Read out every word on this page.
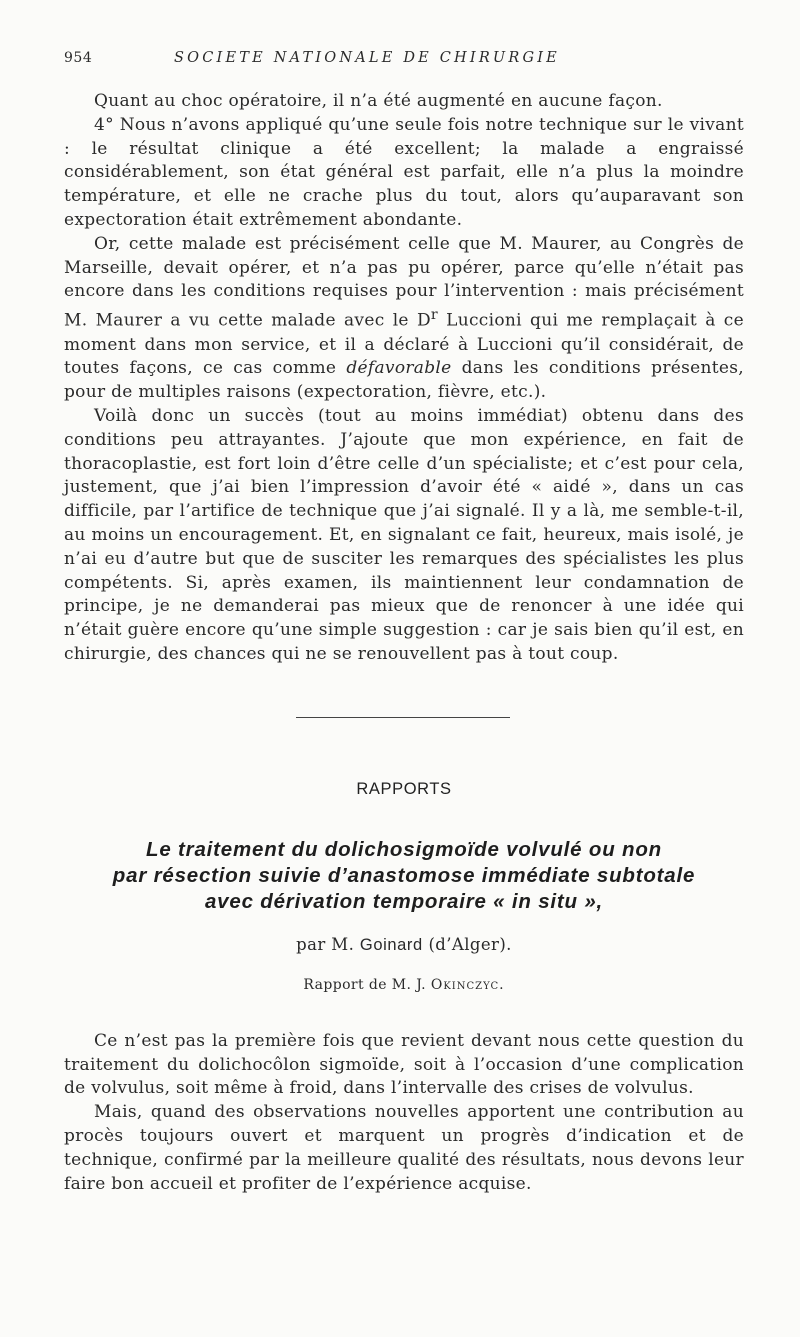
954	SOCIETE NATIONALE DE CHIRURGIE

Quant au choc opératoire, il n’a été augmenté en aucune façon.

4° Nous n’avons appliqué qu’une seule fois notre technique sur le vivant : le résultat clinique a été excellent; la malade a engraissé considérablement, son état général est parfait, elle n’a plus la moindre température, et elle ne crache plus du tout, alors qu’auparavant son expectoration était extrêmement abondante.

Or, cette malade est précisément celle que M. Maurer, au Congrès de Marseille, devait opérer, et n’a pas pu opérer, parce qu’elle n’était pas encore dans les conditions requises pour l’intervention : mais précisément M. Maurer a vu cette malade avec le $D^r$ Luccioni qui me remplaçait à ce moment dans mon service, et il a déclaré à Luccioni qu’il considérait, de toutes façons, ce cas comme défavorable dans les conditions présentes, pour de multiples raisons (expectoration, fièvre, etc.).

Voilà donc un succès (tout au moins immédiat) obtenu dans des conditions peu attrayantes. J’ajoute que mon expérience, en fait de thoracoplastie, est fort loin d’être celle d’un spécialiste; et c’est pour cela, justement, que j’ai bien l’impression d’avoir été « aidé », dans un cas difficile, par l’artifice de technique que j’ai signalé. Il y a là, me semble-t-il, au moins un encouragement. Et, en signalant ce fait, heureux, mais isolé, je n’ai eu d’autre but que de susciter les remarques des spécialistes les plus compétents. Si, après examen, ils maintiennent leur condamnation de principe, je ne demanderai pas mieux que de renoncer à une idée qui n’était guère encore qu’une simple suggestion : car je sais bien qu’il est, en chirurgie, des chances qui ne se renouvellent pas à tout coup.

RAPPORTS
Le traitement du dolichosigmoïde volvulé ou non
par résection suivie d’anastomose immédiate subtotale
avec dérivation temporaire « in situ »,
par M. Goinard (d’Alger).
Rapport de M. J. Okinczyc.

Ce n’est pas la première fois que revient devant nous cette question du traitement du dolichocôlon sigmoïde, soit à l’occasion d’une complication de volvulus, soit même à froid, dans l’intervalle des crises de volvulus.

Mais, quand des observations nouvelles apportent une contribution au procès toujours ouvert et marquent un progrès d’indication et de technique, confirmé par la meilleure qualité des résultats, nous devons leur faire bon accueil et profiter de l’expérience acquise.
